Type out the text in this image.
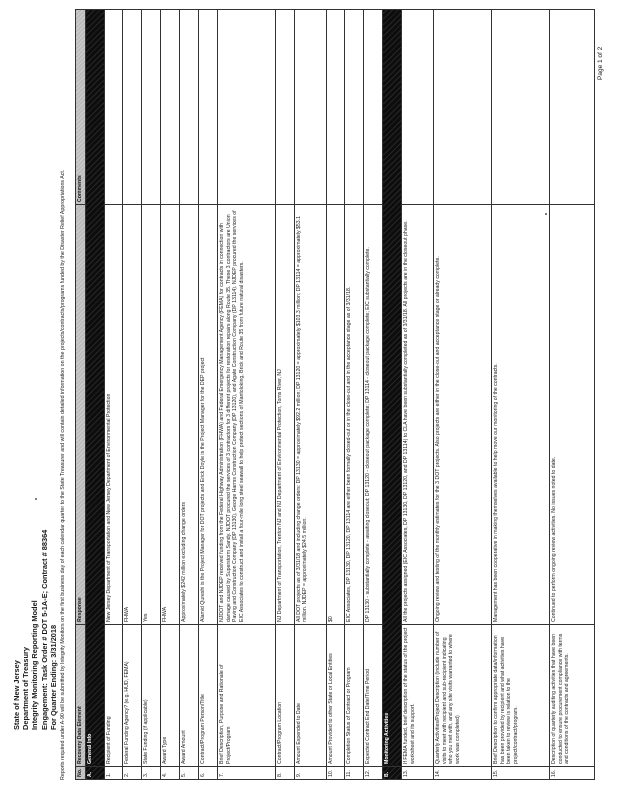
State of New Jersey Department of Treasury Integrity Monitoring Reporting Model Engagement: Task Order # DOT 5-1A-E; Contract # 88364 For Quarter Ending: 3/31/2018 Reports required under A-90 will be submitted by Integrity Monitors on the first business day of each calendar quarter to the State Treasurer and will contain detailed information on the projects/contracts/programs funded by the Disaster Relief Appropriations Act. No.	Recovery Data Element	Response	Comments
A.	General Info		
1.	Recipient of Funding	New Jersey Department of Transportation and New Jersey Department of Environmental Protection	
2.	Federal Funding Agency? (e.g. HUD, FEMA)	FHWA	
3.	State Funding (if applicable)	Yes	
4.	Award Type	FHWA	
5.	Award Amount	Approximately $242 million excluding change orders	
6.	Contract/Program Person/Title	Alamid Qureshi is the Project Manager for DOT projects and Erick Doyle is the Project Manager for the DEP project	
7.	Brief Description, Purpose and Rationale of Project/Program	NJDOT and NJDEP received funding from the Federal Highway Administration (FHWA) and Federal Emergency Management Agency (FEMA) for contracts in connection with damage caused by Superstorm Sandy. NJDOT procured the services of 3 contractors for 3 different projects for restoration repairs along Route 35. These 3 contractors are Union Paving and Construction Company (DP 13130), George Harms Construction Company (DP 13120), and Agate Construction Company (DP 13114). NJDEP procured the services of EIC Associates to construct and install a four-mile long steel seawall to help protect sections of Mantoloking, Brick and Route 35 from future natural disasters.	
8.	Contract/Program Location	NJ Department of Transportation, Trenton NJ and NJ Department of Environmental Protection, Toms River, NJ	
9.	Amount Expended to Date	All DOT projects as of 3/31/18 and including change orders: DP 13130 = approximately $92.2 million; DP 13120 = approximately $103.3 million; DP 13114 = approximately $53.1 million. NJDEP = approximately $24.5 million.	
10.	Amount Provided to other State or Local Entities	$0	
11.	Completion Status of Contract or Program	EIC Associates, DP 13130, DP 13120, DP 13114 are either been formally closed-out or in the close-out and in the acceptance stage as of 3/31/18.	
12.	Expected Contract End Date/Time Period	DP 13130 - substantially complete - awaiting closeout; DP 13120 - closeout package complete; DP 13114 - closeout package complete; EIC substantially complete.	
B.	Monitoring Activities		
13.	If FEMA funded, brief description of the status of the project worksheet and its support.	All the projects assigned (EIC Associates, DP 13130, DP 13120, and DP 13114) to CLA have been substantially completed as of 3/31/18. All projects are in the closeout phase.	
14.	Quarterly Activities/Project Description (include number of visits to meet with recipient and sub-recipient indicating who you met with, and any site visits warranted to where work was completed)	Ongoing review and testing of the monthly estimates for the 3 DOT projects. Also projects are either in the close-out and acceptance stage or already complete.	
15.	Brief Description to confirm appropriate data/information has been provided by recipient and what activities have been taken to review is relation to the project/contract/program.	Management has been cooperative in making themselves available to help move our monitoring of the contracts.	
16.	Description of quarterly auditing activities that have been conducted to ensure procurement compliance with terms and conditions of the contracts and agreements.	Continued to perform ongoing review activities. No issues noted to date.	
Page 1 of 2
